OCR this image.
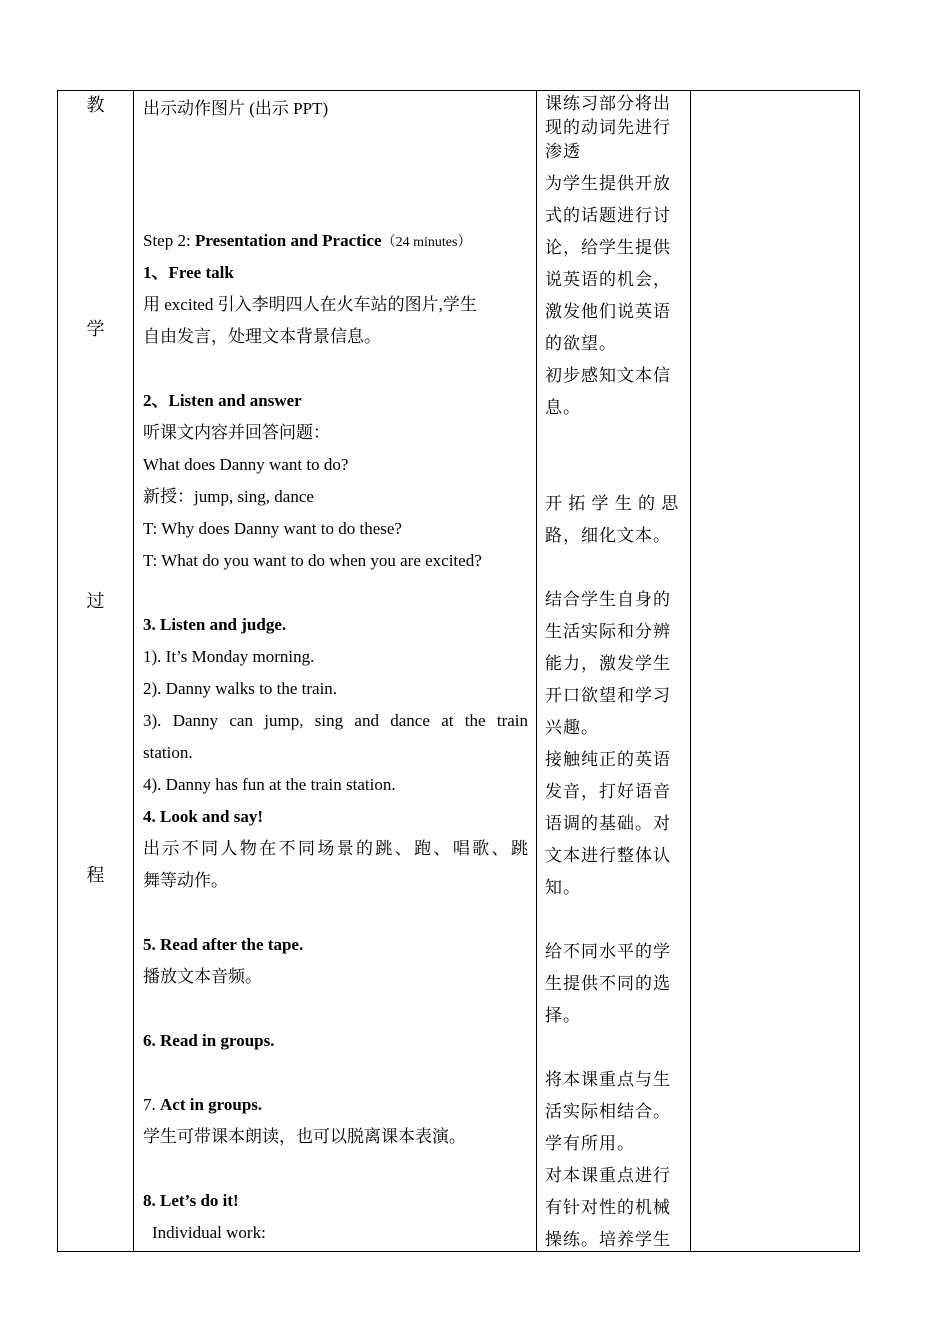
教
学
过
程
出示动作图片 (出示 PPT)
Step 2: Presentation and Practice（24 minutes）
1、Free talk
用 excited 引入李明四人在火车站的图片,学生
自由发言，处理文本背景信息。
2、Listen and answer
听课文内容并回答问题：
What does Danny want to do?
新授：jump, sing, dance
T: Why does Danny want to do these?
T: What do you want to do when you are excited?
3. Listen and judge.
1). It’s Monday morning.
2). Danny walks to the train.
3). Danny can jump, sing and dance at the train
station.
4). Danny has fun at the train station.
4. Look and say!
出示不同人物在不同场景的跳、跑、唱歌、跳
舞等动作。
5. Read after the tape.
播放文本音频。
6. Read in groups.
7. Act in groups.
学生可带课本朗读，也可以脱离课本表演。
8. Let’s do it!
Individual work:
课练习部分将出
现的动词先进行
渗透
为学生提供开放
式的话题进行讨
论，给学生提供
说英语的机会，
激发他们说英语
的欲望。
初步感知文本信
息。
开 拓 学 生 的 思
路，细化文本。
结合学生自身的
生活实际和分辨
能力，激发学生
开口欲望和学习
兴趣。
接触纯正的英语
发音，打好语音
语调的基础。对
文本进行整体认
知。
给不同水平的学
生提供不同的选
择。
将本课重点与生
活实际相结合。
学有所用。
对本课重点进行
有针对性的机械
操练。培养学生
